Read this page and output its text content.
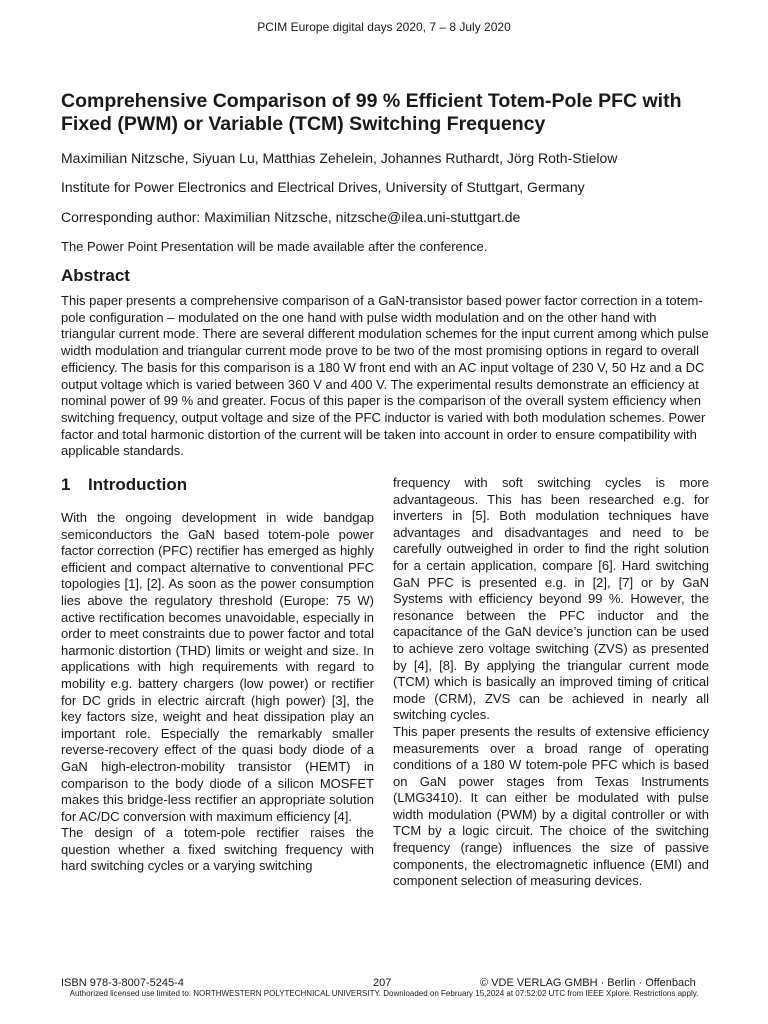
PCIM Europe digital days 2020, 7 – 8 July 2020
Comprehensive Comparison of 99 % Efficient Totem-Pole PFC with Fixed (PWM) or Variable (TCM) Switching Frequency
Maximilian Nitzsche, Siyuan Lu, Matthias Zehelein, Johannes Ruthardt, Jörg Roth-Stielow
Institute for Power Electronics and Electrical Drives, University of Stuttgart, Germany
Corresponding author: Maximilian Nitzsche, nitzsche@ilea.uni-stuttgart.de
The Power Point Presentation will be made available after the conference.
Abstract
This paper presents a comprehensive comparison of a GaN-transistor based power factor correction in a totem-pole configuration – modulated on the one hand with pulse width modulation and on the other hand with triangular current mode. There are several different modulation schemes for the input current among which pulse width modulation and triangular current mode prove to be two of the most promising options in regard to overall efficiency. The basis for this comparison is a 180 W front end with an AC input voltage of 230 V, 50 Hz and a DC output voltage which is varied between 360 V and 400 V. The experimental results demonstrate an efficiency at nominal power of 99 % and greater. Focus of this paper is the comparison of the overall system efficiency when switching frequency, output voltage and size of the PFC inductor is varied with both modulation schemes. Power factor and total harmonic distortion of the current will be taken into account in order to ensure compatibility with applicable standards.
1 Introduction

With the ongoing development in wide bandgap semiconductors the GaN based totem-pole power factor correction (PFC) rectifier has emerged as highly efficient and compact alternative to conventional PFC topologies [1], [2]. As soon as the power consumption lies above the regulatory threshold (Europe: 75 W) active rectification becomes unavoidable, especially in order to meet constraints due to power factor and total harmonic distortion (THD) limits or weight and size. In applications with high requirements with regard to mobility e.g. battery chargers (low power) or rectifier for DC grids in electric aircraft (high power) [3], the key factors size, weight and heat dissipation play an important role. Especially the remarkably smaller reverse-recovery effect of the quasi body diode of a GaN high-electron-mobility transistor (HEMT) in comparison to the body diode of a silicon MOSFET makes this bridge-less rectifier an appropriate solution for AC/DC conversion with maximum efficiency [4].

The design of a totem-pole rectifier raises the question whether a fixed switching frequency with hard switching cycles or a varying switching

frequency with soft switching cycles is more advantageous. This has been researched e.g. for inverters in [5]. Both modulation techniques have advantages and disadvantages and need to be carefully outweighed in order to find the right solution for a certain application, compare [6]. Hard switching GaN PFC is presented e.g. in [2], [7] or by GaN Systems with efficiency beyond 99 %. However, the resonance between the PFC inductor and the capacitance of the GaN device’s junction can be used to achieve zero voltage switching (ZVS) as presented by [4], [8]. By applying the triangular current mode (TCM) which is basically an improved timing of critical mode (CRM), ZVS can be achieved in nearly all switching cycles.

This paper presents the results of extensive efficiency measurements over a broad range of operating conditions of a 180 W totem-pole PFC which is based on GaN power stages from Texas Instruments (LMG3410). It can either be modulated with pulse width modulation (PWM) by a digital controller or with TCM by a logic circuit. The choice of the switching frequency (range) influences the size of passive components, the electromagnetic influence (EMI) and component selection of measuring devices.

ISBN 978-3-8007-5245-4	207	© VDE VERLAG GMBH · Berlin · Offenbach
Authorized licensed use limited to: NORTHWESTERN POLYTECHNICAL UNIVERSITY. Downloaded on February 15,2024 at 07:52:02 UTC from IEEE Xplore. Restrictions apply.
